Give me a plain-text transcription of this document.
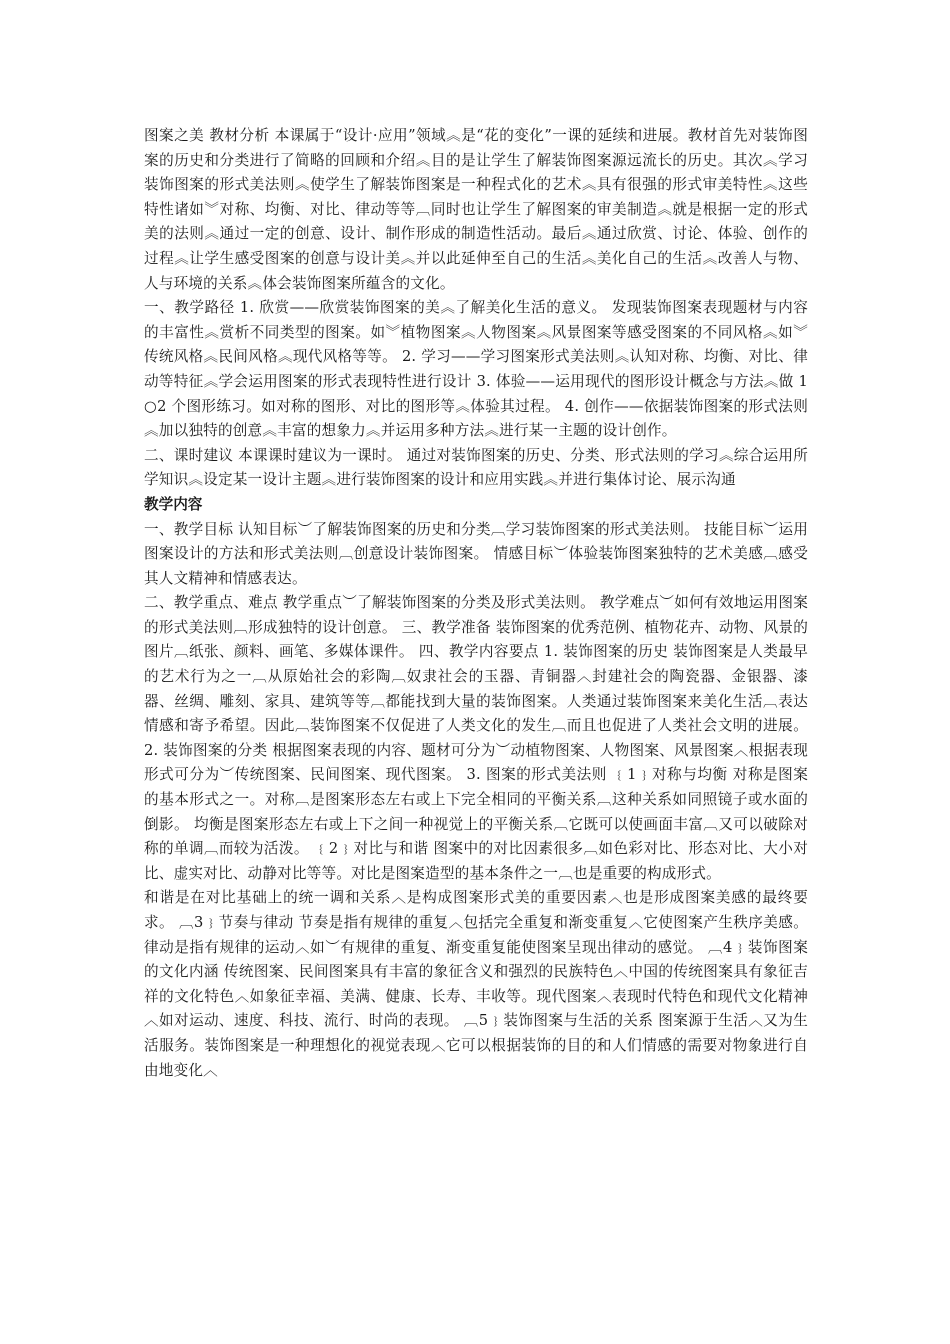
图案之美 教材分析 本课属于“设计·应用”领域︽是“花的变化”一课的延续和进展。教材首先对装饰图案的历史和分类进行了简略的回顾和介绍︽目的是让学生了解装饰图案源远流长的历史。其次︽学习装饰图案的形式美法则︽使学生了解装饰图案是一种程式化的艺术︽具有很强的形式审美特性︽这些特性诸如︾对称、均衡、对比、律动等等︹同时也让学生了解图案的审美制造︽就是根据一定的形式美的法则︽通过一定的创意、设计、制作形成的制造性活动。最后︽通过欣赏、讨论、体验、创作的过程︽让学生感受图案的创意与设计美︽并以此延伸至自己的生活︽美化自己的生活︽改善人与物、人与环境的关系︽体会装饰图案所蕴含的文化。

一、教学路径 1. 欣赏——欣赏装饰图案的美︽了解美化生活的意义。 发现装饰图案表现题材与内容的丰富性︽赏析不同类型的图案。如︾植物图案︽人物图案︽风景图案等感受图案的不同风格︽如︾传统风格︽民间风格︽现代风格等等。 2. 学习——学习图案形式美法则︽认知对称、均衡、对比、律动等特征︽学会运用图案的形式表现特性进行设计 3. 体验——运用现代的图形设计概念与方法︽做 1○2 个图形练习。如对称的图形、对比的图形等︽体验其过程。 4. 创作——依据装饰图案的形式法则︽加以独特的创意︽丰富的想象力︽并运用多种方法︽进行某一主题的设计创作。

二、课时建议 本课课时建议为一课时。 通过对装饰图案的历史、分类、形式法则的学习︽综合运用所学知识︽设定某一设计主题︽进行装饰图案的设计和应用实践︽并进行集体讨论、展示沟通

教学内容

一、教学目标 认知目标︶了解装饰图案的历史和分类︹学习装饰图案的形式美法则。 技能目标︶运用图案设计的方法和形式美法则︹创意设计装饰图案。 情感目标︶体验装饰图案独特的艺术美感︹感受其人文精神和情感表达。

二、教学重点、难点 教学重点︶了解装饰图案的分类及形式美法则。 教学难点︶如何有效地运用图案的形式美法则︹形成独特的设计创意。 三、教学准备 装饰图案的优秀范例、植物花卉、动物、风景的图片︹纸张、颜料、画笔、多媒体课件。 四、教学内容要点 1. 装饰图案的历史 装饰图案是人类最早的艺术行为之一︹从原始社会的彩陶︹奴隶社会的玉器、青铜器︿封建社会的陶瓷器、金银器、漆器、丝绸、雕刻、家具、建筑等等︹都能找到大量的装饰图案。人类通过装饰图案来美化生活︹表达情感和寄予希望。因此︹装饰图案不仅促进了人类文化的发生︹而且也促进了人类社会文明的进展。 2. 装饰图案的分类 根据图案表现的内容、题材可分为︶动植物图案、人物图案、风景图案︿根据表现形式可分为︶传统图案、民间图案、现代图案。 3. 图案的形式美法则 ﹛1﹜对称与均衡 对称是图案的基本形式之一。对称︹是图案形态左右或上下完全相同的平衡关系︹这种关系如同照镜子或水面的倒影。 均衡是图案形态左右或上下之间一种视觉上的平衡关系︹它既可以使画面丰富︹又可以破除对称的单调︹而较为活泼。 ﹛2﹜对比与和谐 图案中的对比因素很多︹如色彩对比、形态对比、大小对比、虚实对比、动静对比等等。对比是图案造型的基本条件之一︹也是重要的构成形式。

和谐是在对比基础上的统一调和关系︿是构成图案形式美的重要因素︿也是形成图案美感的最终要求。 ︹3﹜节奏与律动 节奏是指有规律的重复︿包括完全重复和渐变重复︿它使图案产生秩序美感。 律动是指有规律的运动︿如︶有规律的重复、渐变重复能使图案呈现出律动的感觉。 ︹4﹜装饰图案的文化内涵 传统图案、民间图案具有丰富的象征含义和强烈的民族特色︿中国的传统图案具有象征吉祥的文化特色︿如象征幸福、美满、健康、长寿、丰收等。现代图案︿表现时代特色和现代文化精神︿如对运动、速度、科技、流行、时尚的表现。 ︹5﹜装饰图案与生活的关系 图案源于生活︿又为生活服务。装饰图案是一种理想化的视觉表现︿它可以根据装饰的目的和人们情感的需要对物象进行自由地变化︿
